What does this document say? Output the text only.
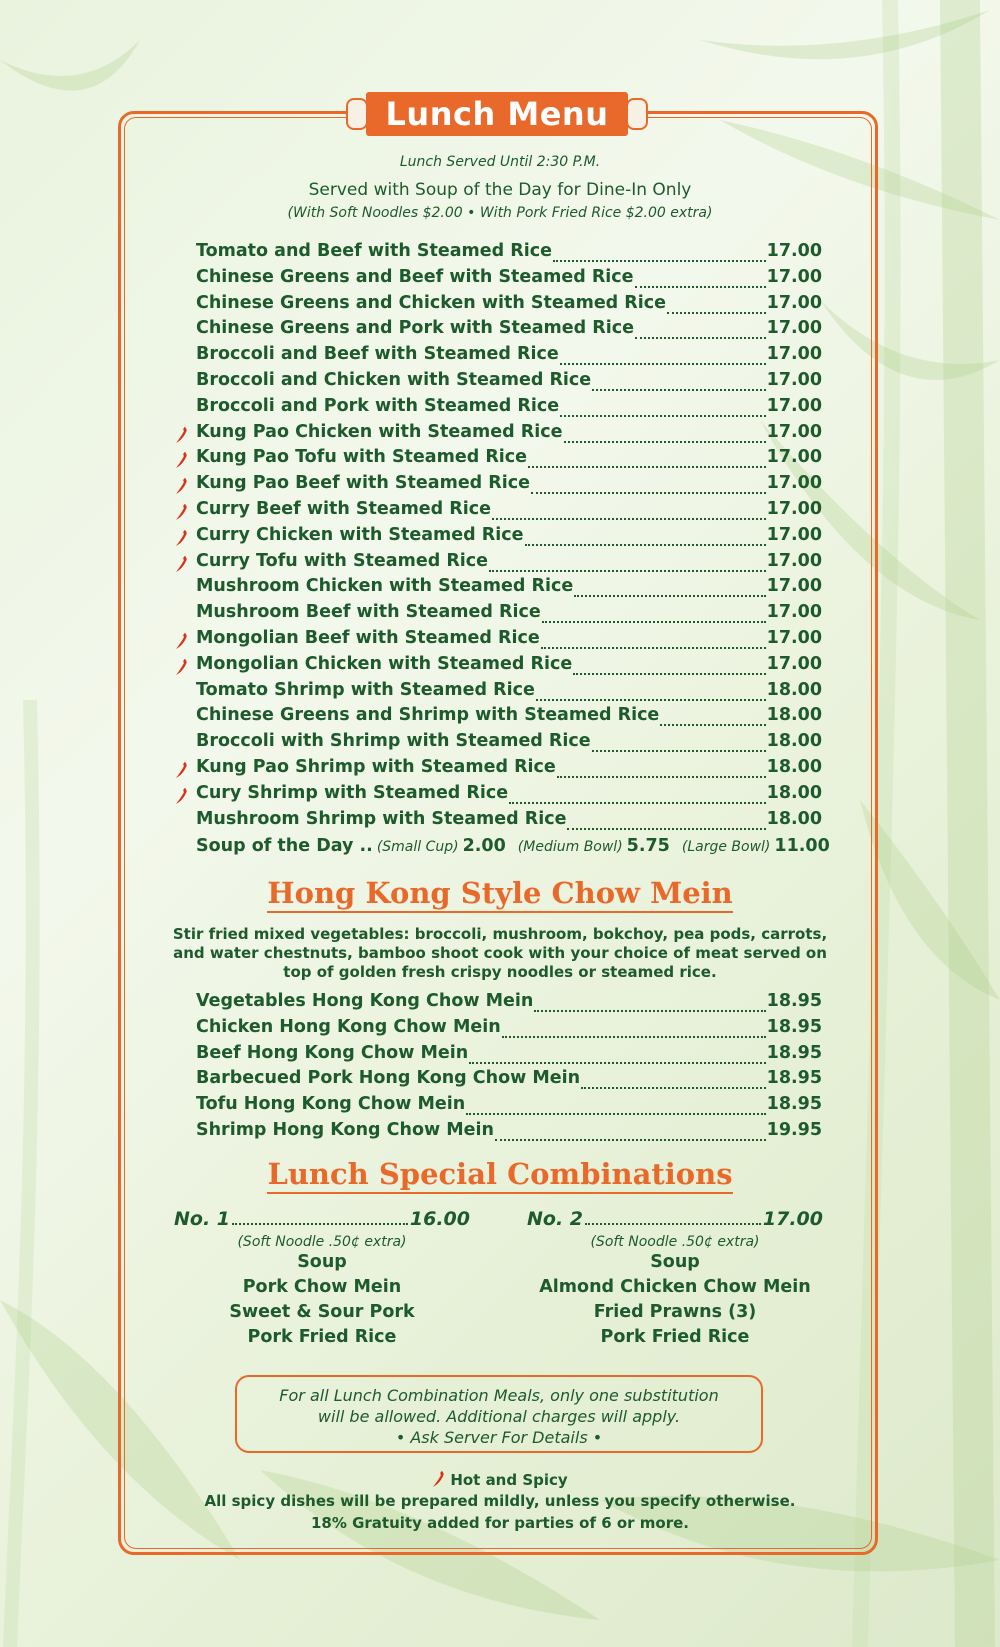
Lunch Menu
Lunch Served Until 2:30 P.M.
Served with Soup of the Day for Dine-In Only
(With Soft Noodles $2.00 • With Pork Fried Rice $2.00 extra)
Tomato and Beef with Steamed Rice	17.00
Chinese Greens and Beef with Steamed Rice	17.00
Chinese Greens and Chicken with Steamed Rice	17.00
Chinese Greens and Pork with Steamed Rice	17.00
Broccoli and Beef with Steamed Rice	17.00
Broccoli and Chicken with Steamed Rice	17.00
Broccoli and Pork with Steamed Rice	17.00
Kung Pao Chicken with Steamed Rice	17.00
Kung Pao Tofu with Steamed Rice	17.00
Kung Pao Beef with Steamed Rice	17.00
Curry Beef with Steamed Rice	17.00
Curry Chicken with Steamed Rice	17.00
Curry Tofu with Steamed Rice	17.00
Mushroom Chicken with Steamed Rice	17.00
Mushroom Beef with Steamed Rice	17.00
Mongolian Beef with Steamed Rice	17.00
Mongolian Chicken with Steamed Rice	17.00
Tomato Shrimp with Steamed Rice	18.00
Chinese Greens and Shrimp with Steamed Rice	18.00
Broccoli with Shrimp with Steamed Rice	18.00
Kung Pao Shrimp with Steamed Rice	18.00
Cury Shrimp with Steamed Rice	18.00
Mushroom Shrimp with Steamed Rice	18.00
Soup of the Day .. (Small Cup) 2.00 (Medium Bowl) 5.75 (Large Bowl) 11.00
Hong Kong Style Chow Mein
Stir fried mixed vegetables: broccoli, mushroom, bokchoy, pea pods, carrots,
and water chestnuts, bamboo shoot cook with your choice of meat served on
top of golden fresh crispy noodles or steamed rice.
Vegetables Hong Kong Chow Mein	18.95
Chicken Hong Kong Chow Mein	18.95
Beef Hong Kong Chow Mein	18.95
Barbecued Pork Hong Kong Chow Mein	18.95
Tofu Hong Kong Chow Mein	18.95
Shrimp Hong Kong Chow Mein	19.95
Lunch Special Combinations
No. 1	16.00
(Soft Noodle .50¢ extra)
Soup
Pork Chow Mein
Sweet & Sour Pork
Pork Fried Rice
No. 2	17.00
(Soft Noodle .50¢ extra)
Soup
Almond Chicken Chow Mein
Fried Prawns (3)
Pork Fried Rice
For all Lunch Combination Meals, only one substitution
will be allowed. Additional charges will apply.
• Ask Server For Details •
Hot and Spicy
All spicy dishes will be prepared mildly, unless you specify otherwise.
18% Gratuity added for parties of 6 or more.
